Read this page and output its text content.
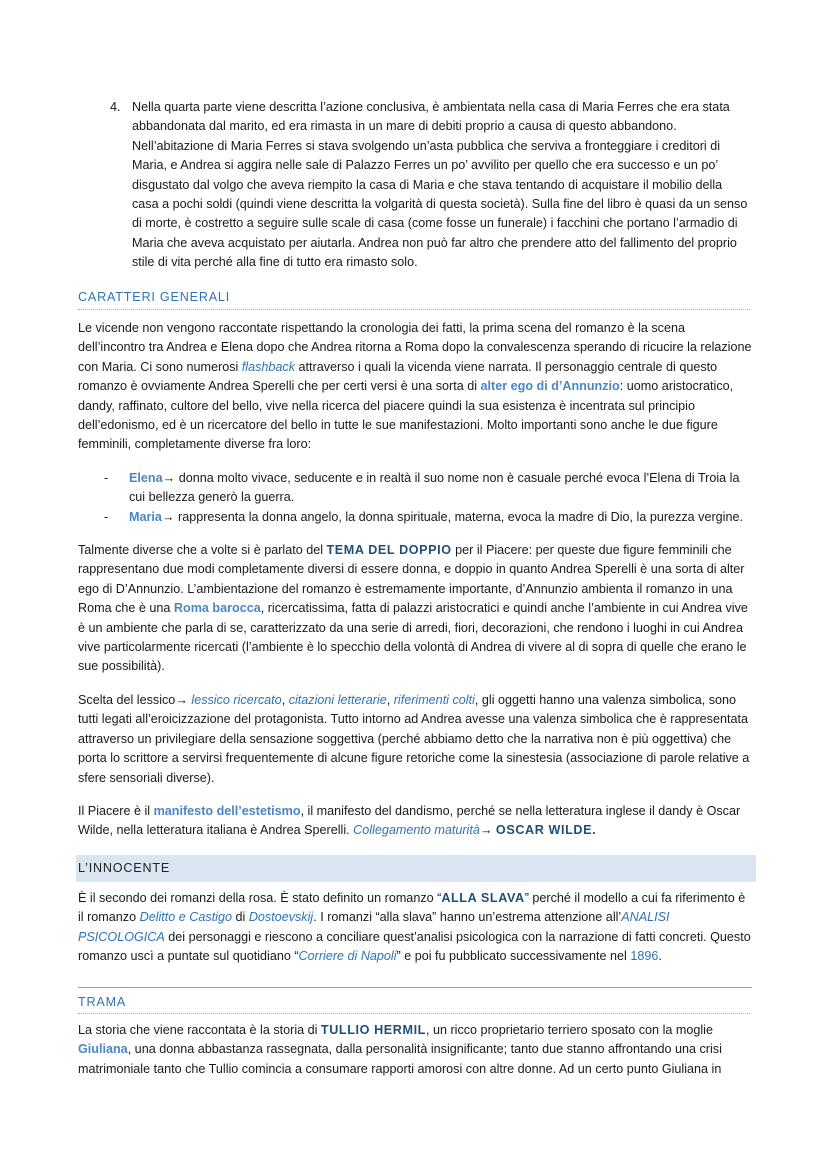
4. Nella quarta parte viene descritta l’azione conclusiva, è ambientata nella casa di Maria Ferres che era stata abbandonata dal marito, ed era rimasta in un mare di debiti proprio a causa di questo abbandono. Nell’abitazione di Maria Ferres si stava svolgendo un’asta pubblica che serviva a fronteggiare i creditori di Maria, e Andrea si aggira nelle sale di Palazzo Ferres un po’ avvilito per quello che era successo e un po’ disgustato dal volgo che aveva riempito la casa di Maria e che stava tentando di acquistare il mobilio della casa a pochi soldi (quindi viene descritta la volgarità di questa società). Sulla fine del libro è quasi da un senso di morte, è costretto a seguire sulle scale di casa (come fosse un funerale) i facchini che portano l’armadio di Maria che aveva acquistato per aiutarla. Andrea non può far altro che prendere atto del fallimento del proprio stile di vita perché alla fine di tutto era rimasto solo.

CARATTERI GENERALI

Le vicende non vengono raccontate rispettando la cronologia dei fatti, la prima scena del romanzo è la scena dell’incontro tra Andrea e Elena dopo che Andrea ritorna a Roma dopo la convalescenza sperando di ricucire la relazione con Maria. Ci sono numerosi flashback attraverso i quali la vicenda viene narrata. Il personaggio centrale di questo romanzo è ovviamente Andrea Sperelli che per certi versi è una sorta di alter ego di d’Annunzio: uomo aristocratico, dandy, raffinato, cultore del bello, vive nella ricerca del piacere quindi la sua esistenza è incentrata sul principio dell’edonismo, ed è un ricercatore del bello in tutte le sue manifestazioni. Molto importanti sono anche le due figure femminili, completamente diverse fra loro:

- Elena→ donna molto vivace, seducente e in realtà il suo nome non è casuale perché evoca l’Elena di Troia la cui bellezza generò la guerra.

- Maria→ rappresenta la donna angelo, la donna spirituale, materna, evoca la madre di Dio, la purezza vergine.

Talmente diverse che a volte si è parlato del TEMA DEL DOPPIO per il Piacere: per queste due figure femminili che rappresentano due modi completamente diversi di essere donna, e doppio in quanto Andrea Sperelli è una sorta di alter ego di D’Annunzio. L’ambientazione del romanzo è estremamente importante, d’Annunzio ambienta il romanzo in una Roma che è una Roma barocca, ricercatissima, fatta di palazzi aristocratici e quindi anche l’ambiente in cui Andrea vive è un ambiente che parla di se, caratterizzato da una serie di arredi, fiori, decorazioni, che rendono i luoghi in cui Andrea vive particolarmente ricercati (l’ambiente è lo specchio della volontà di Andrea di vivere al di sopra di quelle che erano le sue possibilità).

Scelta del lessico→ lessico ricercato, citazioni letterarie, riferimenti colti, gli oggetti hanno una valenza simbolica, sono tutti legati all’eroicizzazione del protagonista. Tutto intorno ad Andrea avesse una valenza simbolica che è rappresentata attraverso un privilegiare della sensazione soggettiva (perché abbiamo detto che la narrativa non è più oggettiva) che porta lo scrittore a servirsi frequentemente di alcune figure retoriche come la sinestesia (associazione di parole relative a sfere sensoriali diverse).

Il Piacere è il manifesto dell’estetismo, il manifesto del dandismo, perché se nella letteratura inglese il dandy è Oscar Wilde, nella letteratura italiana è Andrea Sperelli. Collegamento maturità→ OSCAR WILDE.

L’INNOCENTE

È il secondo dei romanzi della rosa. È stato definito un romanzo “ALLA SLAVA” perché il modello a cui fa riferimento è il romanzo Delitto e Castigo di Dostoevskij. I romanzi “alla slava” hanno un’estrema attenzione all’ANALISI PSICOLOGICA dei personaggi e riescono a conciliare quest’analisi psicologica con la narrazione di fatti concreti. Questo romanzo uscì a puntate sul quotidiano “Corriere di Napoli” e poi fu pubblicato successivamente nel 1896.

TRAMA

La storia che viene raccontata è la storia di TULLIO HERMIL, un ricco proprietario terriero sposato con la moglie Giuliana, una donna abbastanza rassegnata, dalla personalità insignificante; tanto due stanno affrontando una crisi matrimoniale tanto che Tullio comincia a consumare rapporti amorosi con altre donne. Ad un certo punto Giuliana in
